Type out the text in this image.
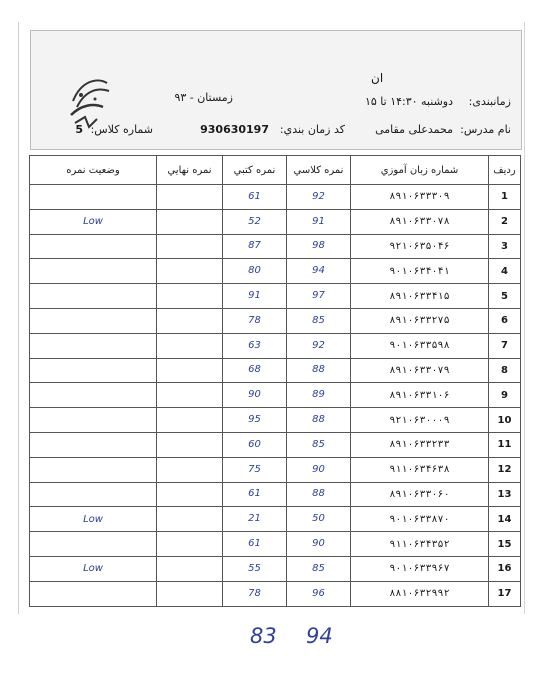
ان
زمانبندی:
دوشنبه ۱۴:۳۰ تا ۱۵
زمستان - ۹۳
نام مدرس:
محمدعلی مقامی
کد زمان بندي:
930630197
شماره کلاس:
5
رديف	شماره زبان آموزي	نمره کلاسي	نمره کتبي	نمره نهايي	وضعيت نمره
1	۸۹۱۰۶۳۳۳۰۹	92	61		
2	۸۹۱۰۶۳۳۰۷۸	91	52		Low
3	۹۲۱۰۶۳۵۰۴۶	98	87		
4	۹۰۱۰۶۳۴۰۴۱	94	80		
5	۸۹۱۰۶۳۳۴۱۵	97	91		
6	۸۹۱۰۶۳۳۲۷۵	85	78		
7	۹۰۱۰۶۳۳۵۹۸	92	63		
8	۸۹۱۰۶۳۳۰۷۹	88	68		
9	۸۹۱۰۶۳۳۱۰۶	89	90		
10	۹۲۱۰۶۳۰۰۰۹	88	95		
11	۸۹۱۰۶۳۳۲۳۳	85	60		
12	۹۱۱۰۶۳۴۶۳۸	90	75		
13	۸۹۱۰۶۳۳۰۶۰	88	61		
14	۹۰۱۰۶۳۳۸۷۰	50	21		Low
15	۹۱۱۰۶۳۴۳۵۲	90	61		
16	۹۰۱۰۶۳۳۹۶۷	85	55		Low
17	۸۸۱۰۶۳۲۹۹۲	96	78		
83 94
